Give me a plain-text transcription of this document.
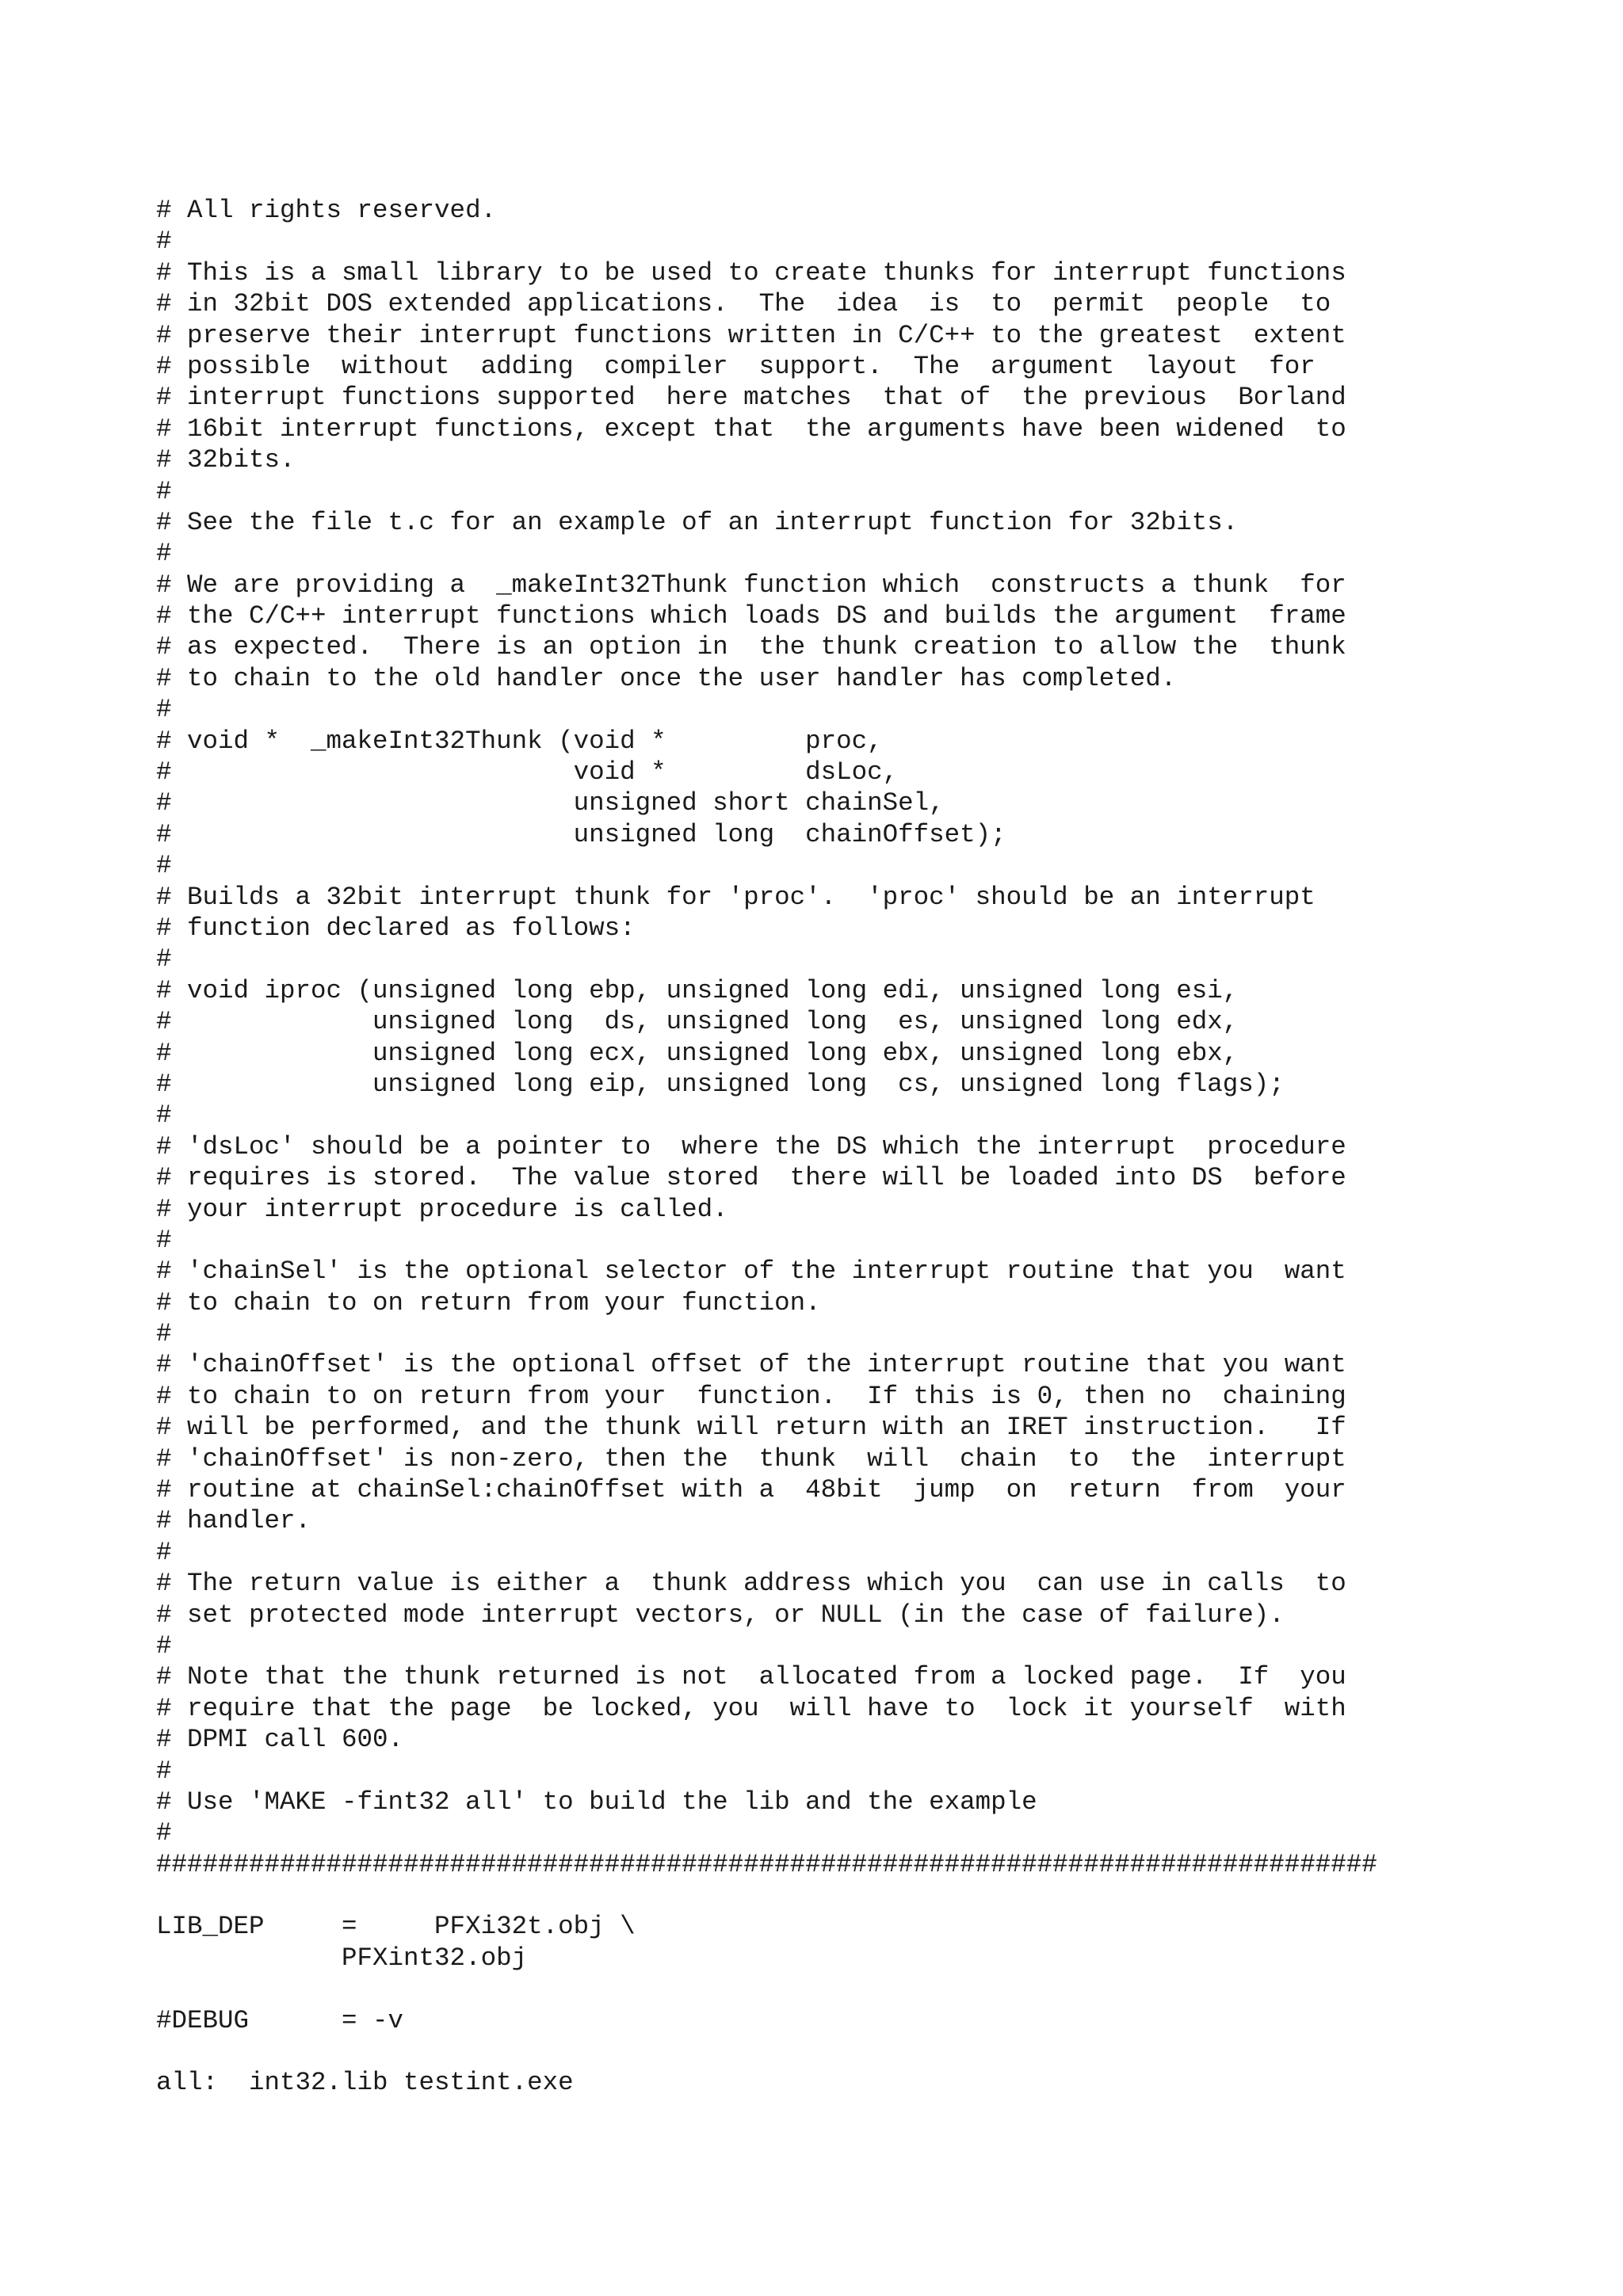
# All rights reserved.
#
# This is a small library to be used to create thunks for interrupt functions
# in 32bit DOS extended applications.  The  idea  is  to  permit  people  to
# preserve their interrupt functions written in C/C++ to the greatest  extent
# possible  without  adding  compiler  support.  The  argument  layout  for
# interrupt functions supported  here matches  that of  the previous  Borland
# 16bit interrupt functions, except that  the arguments have been widened  to
# 32bits.
#
# See the file t.c for an example of an interrupt function for 32bits.
#
# We are providing a  _makeInt32Thunk function which  constructs a thunk  for
# the C/C++ interrupt functions which loads DS and builds the argument  frame
# as expected.  There is an option in  the thunk creation to allow the  thunk
# to chain to the old handler once the user handler has completed.
#
# void *  _makeInt32Thunk (void *         proc,
#                          void *         dsLoc,
#                          unsigned short chainSel,
#                          unsigned long  chainOffset);
#
# Builds a 32bit interrupt thunk for 'proc'.  'proc' should be an interrupt
# function declared as follows:
#
# void iproc (unsigned long ebp, unsigned long edi, unsigned long esi,
#             unsigned long  ds, unsigned long  es, unsigned long edx,
#             unsigned long ecx, unsigned long ebx, unsigned long ebx,
#             unsigned long eip, unsigned long  cs, unsigned long flags);
#
# 'dsLoc' should be a pointer to  where the DS which the interrupt  procedure
# requires is stored.  The value stored  there will be loaded into DS  before
# your interrupt procedure is called.
#
# 'chainSel' is the optional selector of the interrupt routine that you  want
# to chain to on return from your function.
#
# 'chainOffset' is the optional offset of the interrupt routine that you want
# to chain to on return from your  function.  If this is 0, then no  chaining
# will be performed, and the thunk will return with an IRET instruction.   If
# 'chainOffset' is non-zero, then the  thunk  will  chain  to  the  interrupt
# routine at chainSel:chainOffset with a  48bit  jump  on  return  from  your
# handler.
#
# The return value is either a  thunk address which you  can use in calls  to
# set protected mode interrupt vectors, or NULL (in the case of failure).
#
# Note that the thunk returned is not  allocated from a locked page.  If  you
# require that the page  be locked, you  will have to  lock it yourself  with
# DPMI call 600.
#
# Use 'MAKE -fint32 all' to build the lib and the example
#
###############################################################################
LIB_DEP     =     PFXi32t.obj \
PFXint32.obj
#DEBUG      = -v
all:  int32.lib testint.exe
